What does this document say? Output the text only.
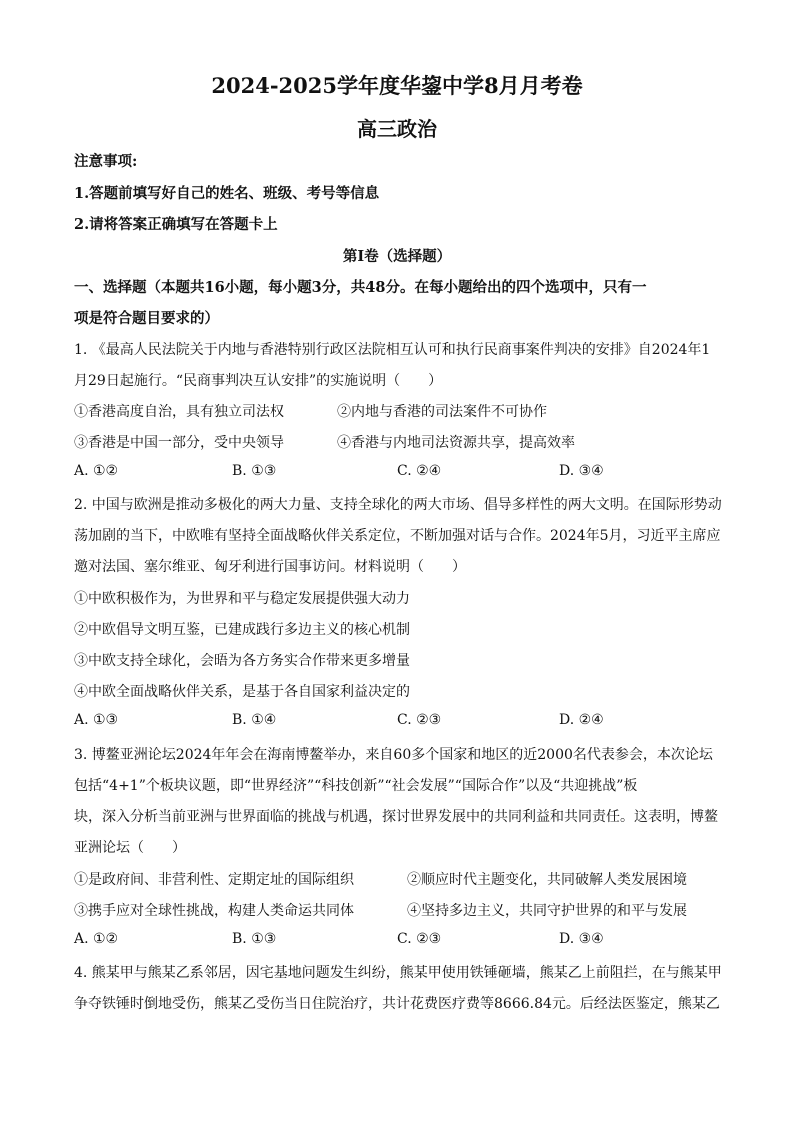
2024-2025学年度华鋆中学8月月考卷
高三政治
注意事项:
1.答题前填写好自己的姓名、班级、考号等信息
2.请将答案正确填写在答题卡上
第Ⅰ卷（选择题）
一、选择题（本题共16小题，每小题3分，共48分。在每小题给出的四个选项中，只有一
项是符合题目要求的）
1. 《最高人民法院关于内地与香港特别行政区法院相互认可和执行民商事案件判决的安排》自2024年1
月29日起施行。“民商事判决互认安排”的实施说明（　　）
①香港高度自治，具有独立司法权	②内地与香港的司法案件不可协作
③香港是中国一部分，受中央领导	④香港与内地司法资源共享，提高效率
A. ①②	B. ①③	C. ②④	D. ③④
2. 中国与欧洲是推动多极化的两大力量、支持全球化的两大市场、倡导多样性的两大文明。在国际形势动
荡加剧的当下，中欧唯有坚持全面战略伙伴关系定位，不断加强对话与合作。2024年5月，习近平主席应
邀对法国、塞尔维亚、匈牙利进行国事访问。材料说明（　　）
①中欧积极作为，为世界和平与稳定发展提供强大动力
②中欧倡导文明互鉴，已建成践行多边主义的核心机制
③中欧支持全球化，会晤为各方务实合作带来更多增量
④中欧全面战略伙伴关系，是基于各自国家利益决定的
A. ①③	B. ①④	C. ②③	D. ②④
3. 博鳌亚洲论坛2024年年会在海南博鳌举办，来自60多个国家和地区的近2000名代表参会，本次论坛
包括“4+1”个板块议题，即“世界经济”“科技创新”“社会发展”“国际合作”以及“共迎挑战”板
块，深入分析当前亚洲与世界面临的挑战与机遇，探讨世界发展中的共同利益和共同责任。这表明，博鳌
亚洲论坛（　　）
①是政府间、非营利性、定期定址的国际组织	②顺应时代主题变化，共同破解人类发展困境
③携手应对全球性挑战，构建人类命运共同体	④坚持多边主义，共同守护世界的和平与发展
A. ①②	B. ①③	C. ②③	D. ③④
4. 熊某甲与熊某乙系邻居，因宅基地问题发生纠纷，熊某甲使用铁锤砸墙，熊某乙上前阻拦，在与熊某甲
争夺铁锤时倒地受伤，熊某乙受伤当日住院治疗，共计花费医疗费等8666.84元。后经法医鉴定，熊某乙
